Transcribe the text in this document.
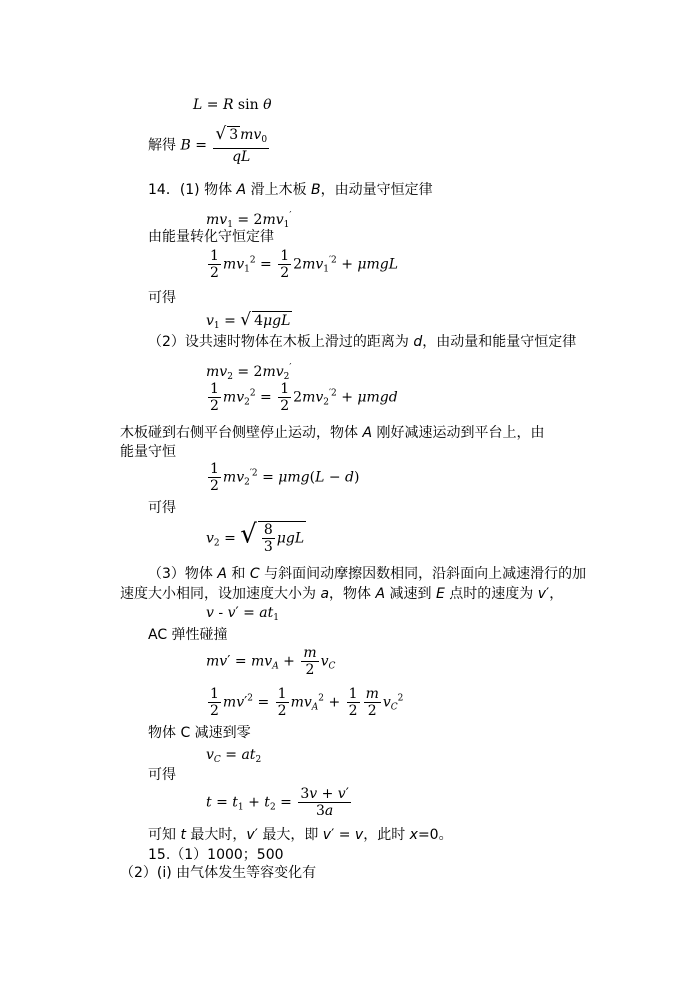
L = R sin θ
解得 $B = \frac{√ 3 mv_0}{qL}$
14．(1) 物体 A 滑上木板 B，由动量守恒定律
$mv_1 = 2mv_1'$
由能量转化守恒定律
$\frac{1}{2} mv_1^2 = \frac{1}{2} 2mv_1^{'2} + \mu mgL$
可得
$v_1$ = √ 4μgL
（2）设共速时物体在木板上滑过的距离为 d，由动量和能量守恒定律
$mv_2 = 2mv_2'$
$\frac{1}{2} mv_2^2 = \frac{1}{2} 2mv_2^{'2} + \mu mgd$
木板碰到右侧平台侧壁停止运动，物体 A 刚好减速运动到平台上，由
能量守恒
$\frac{1}{2} mv_2^{'2} = \mu mg(L - d)$
可得
$v_2$ = √ $\frac{8}{3}$ μgL
（3）物体 A 和 C 与斜面间动摩擦因数相同，沿斜面向上减速滑行的加
速度大小相同，设加速度大小为 a，物体 A 减速到 E 点时的速度为 v′，
$v - v' = at_1$
AC 弹性碰撞
$mv' = mv_A + \frac{m}{2} v_C$
$\frac{1}{2} mv'^2 = \frac{1}{2} mv_A^2 + \frac{1}{2} \frac{m}{2} v_C^2$
物体 C 减速到零
$v_C = at_2$
可得
$t = t_1 + t_2 = \frac{3v + v'}{3a}$
可知 t 最大时，v′ 最大，即 v′ = v，此时 x=0。
15.（1）1000；500
（2）(i) 由气体发生等容变化有
